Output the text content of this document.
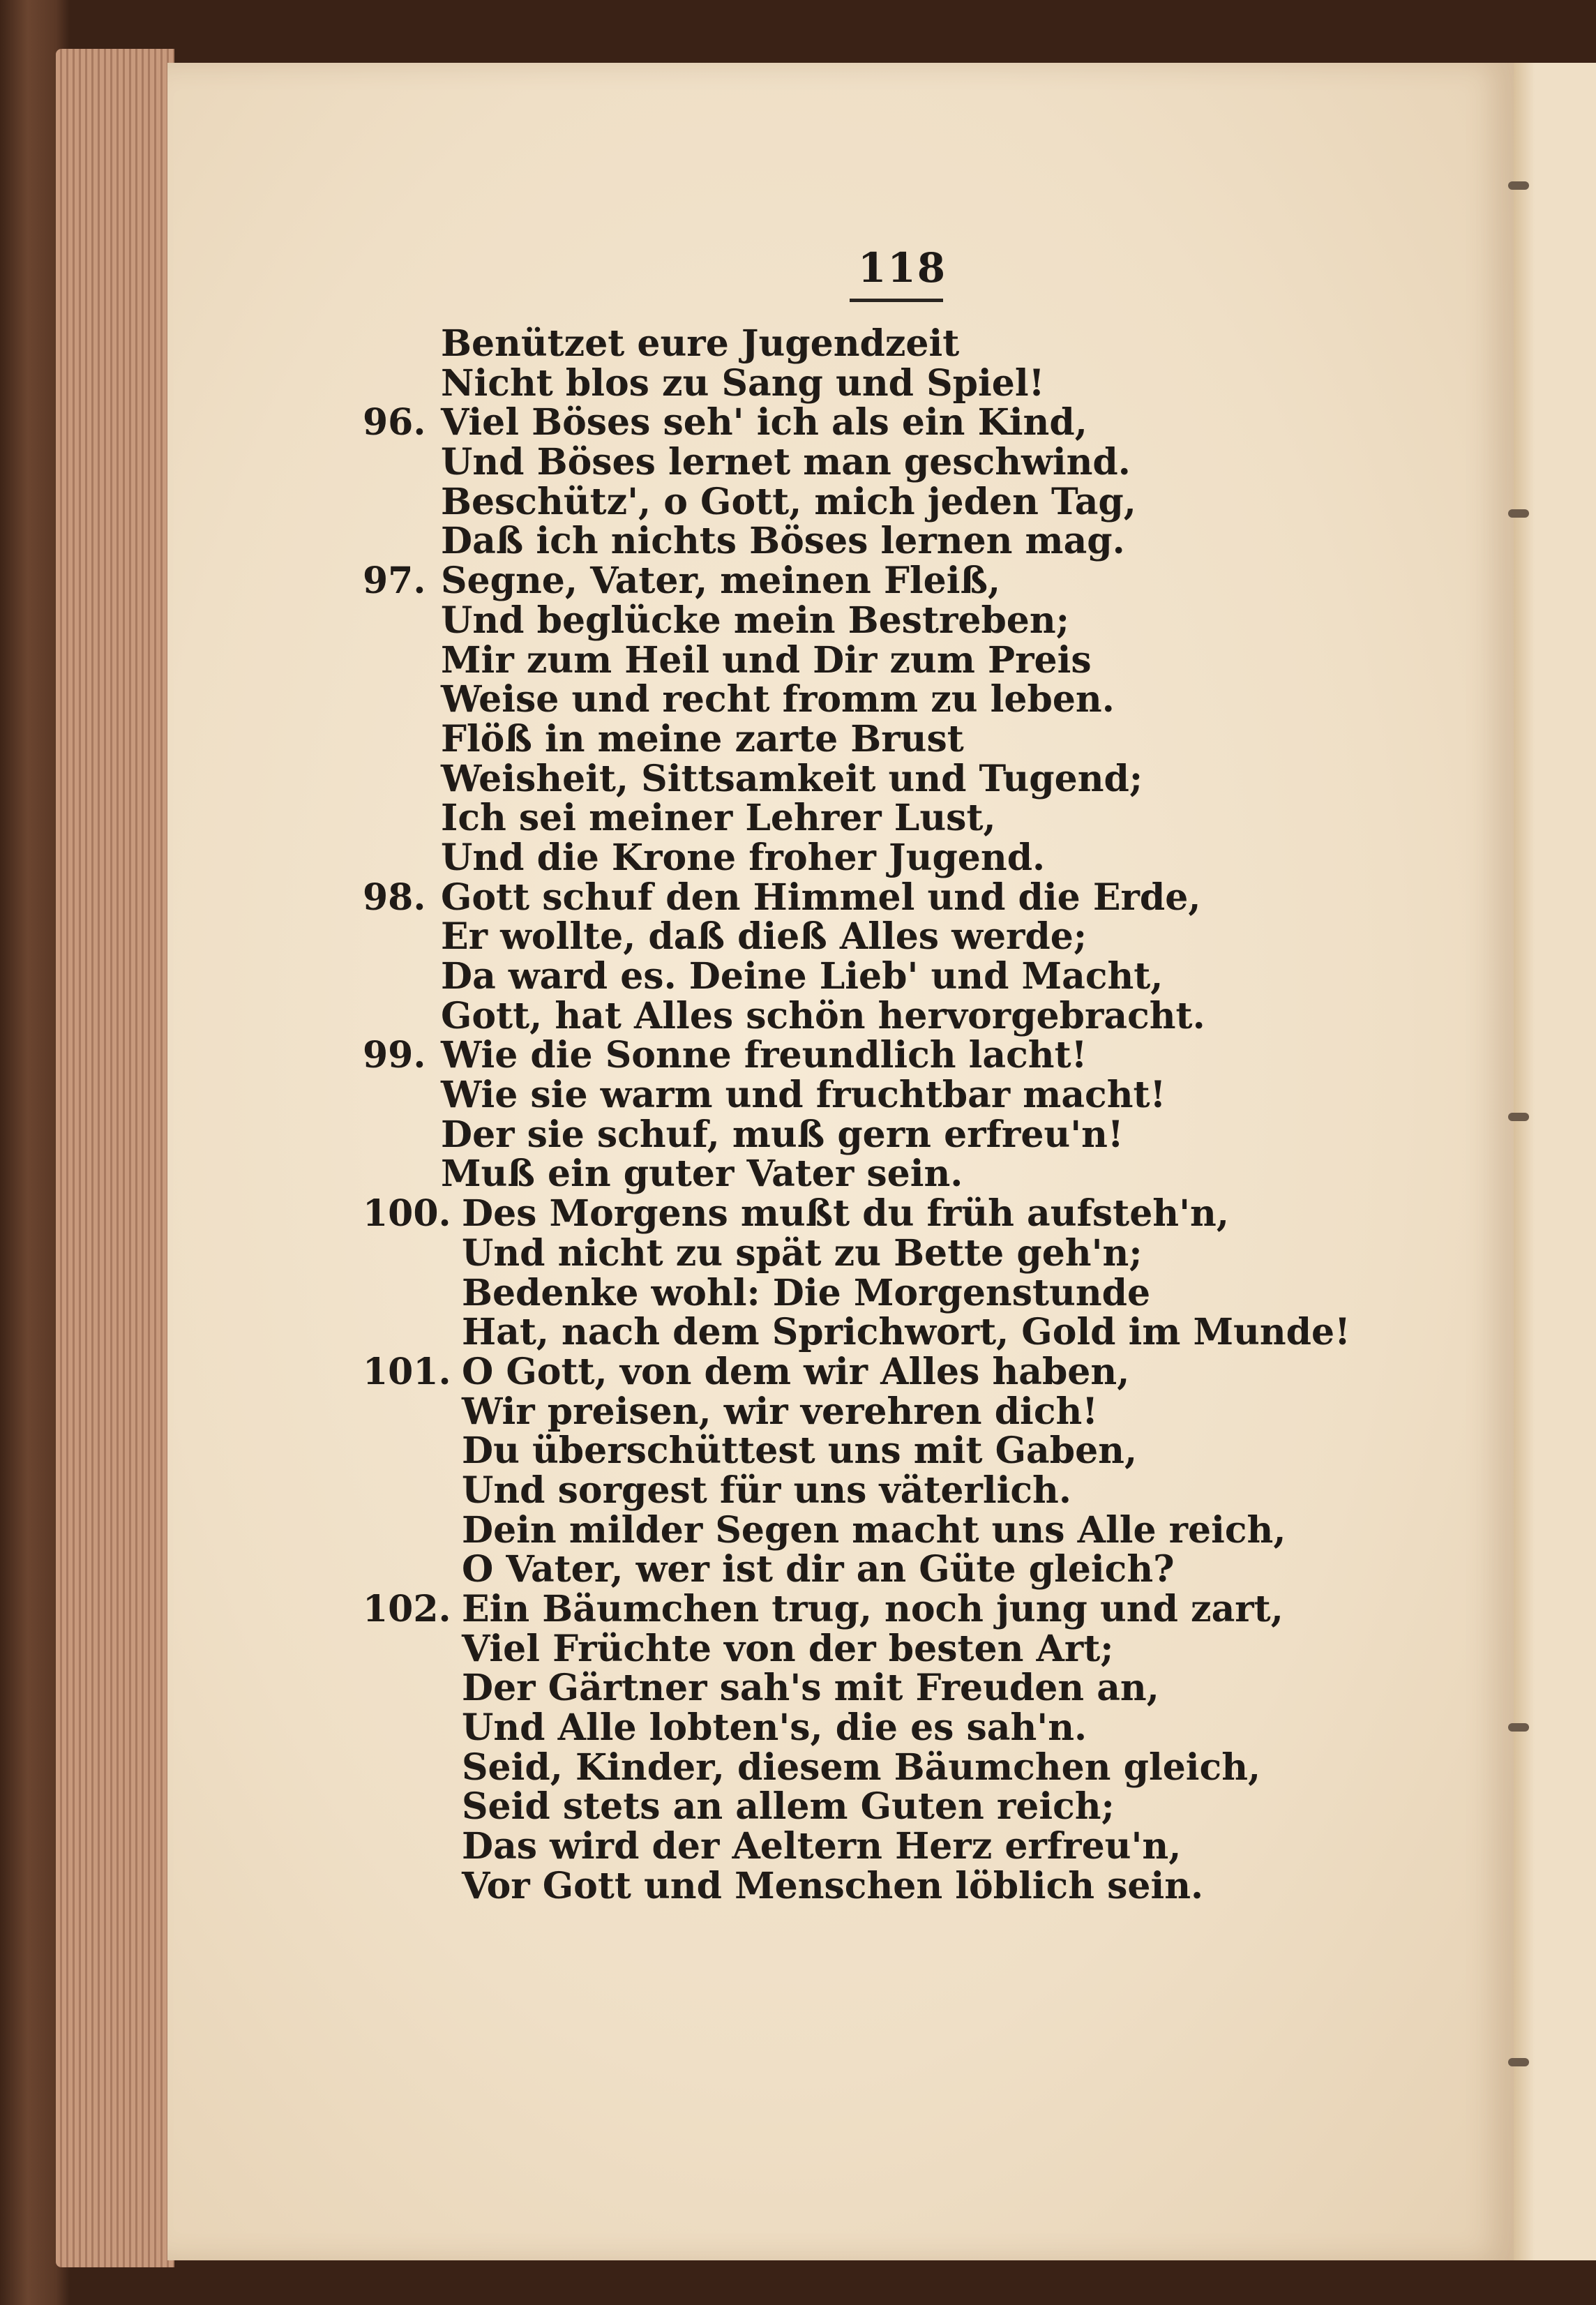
118
Benützet eure Jugendzeit
Nicht blos zu Sang und Spiel!
96. Viel Böses seh' ich als ein Kind,
Und Böses lernet man geschwind.
Beschütz', o Gott, mich jeden Tag,
Daß ich nichts Böses lernen mag.
97. Segne, Vater, meinen Fleiß,
Und beglücke mein Bestreben;
Mir zum Heil und Dir zum Preis
Weise und recht fromm zu leben.
Flöß in meine zarte Brust
Weisheit, Sittsamkeit und Tugend;
Ich sei meiner Lehrer Lust,
Und die Krone froher Jugend.
98. Gott schuf den Himmel und die Erde,
Er wollte, daß dieß Alles werde;
Da ward es. Deine Lieb' und Macht,
Gott, hat Alles schön hervorgebracht.
99. Wie die Sonne freundlich lacht!
Wie sie warm und fruchtbar macht!
Der sie schuf, muß gern erfreu'n!
Muß ein guter Vater sein.
100. Des Morgens mußt du früh aufsteh'n,
Und nicht zu spät zu Bette geh'n;
Bedenke wohl: Die Morgenstunde
Hat, nach dem Sprichwort, Gold im Munde!
101. O Gott, von dem wir Alles haben,
Wir preisen, wir verehren dich!
Du überschüttest uns mit Gaben,
Und sorgest für uns väterlich.
Dein milder Segen macht uns Alle reich,
O Vater, wer ist dir an Güte gleich?
102. Ein Bäumchen trug, noch jung und zart,
Viel Früchte von der besten Art;
Der Gärtner sah's mit Freuden an,
Und Alle lobten's, die es sah'n.
Seid, Kinder, diesem Bäumchen gleich,
Seid stets an allem Guten reich;
Das wird der Aeltern Herz erfreu'n,
Vor Gott und Menschen löblich sein.
